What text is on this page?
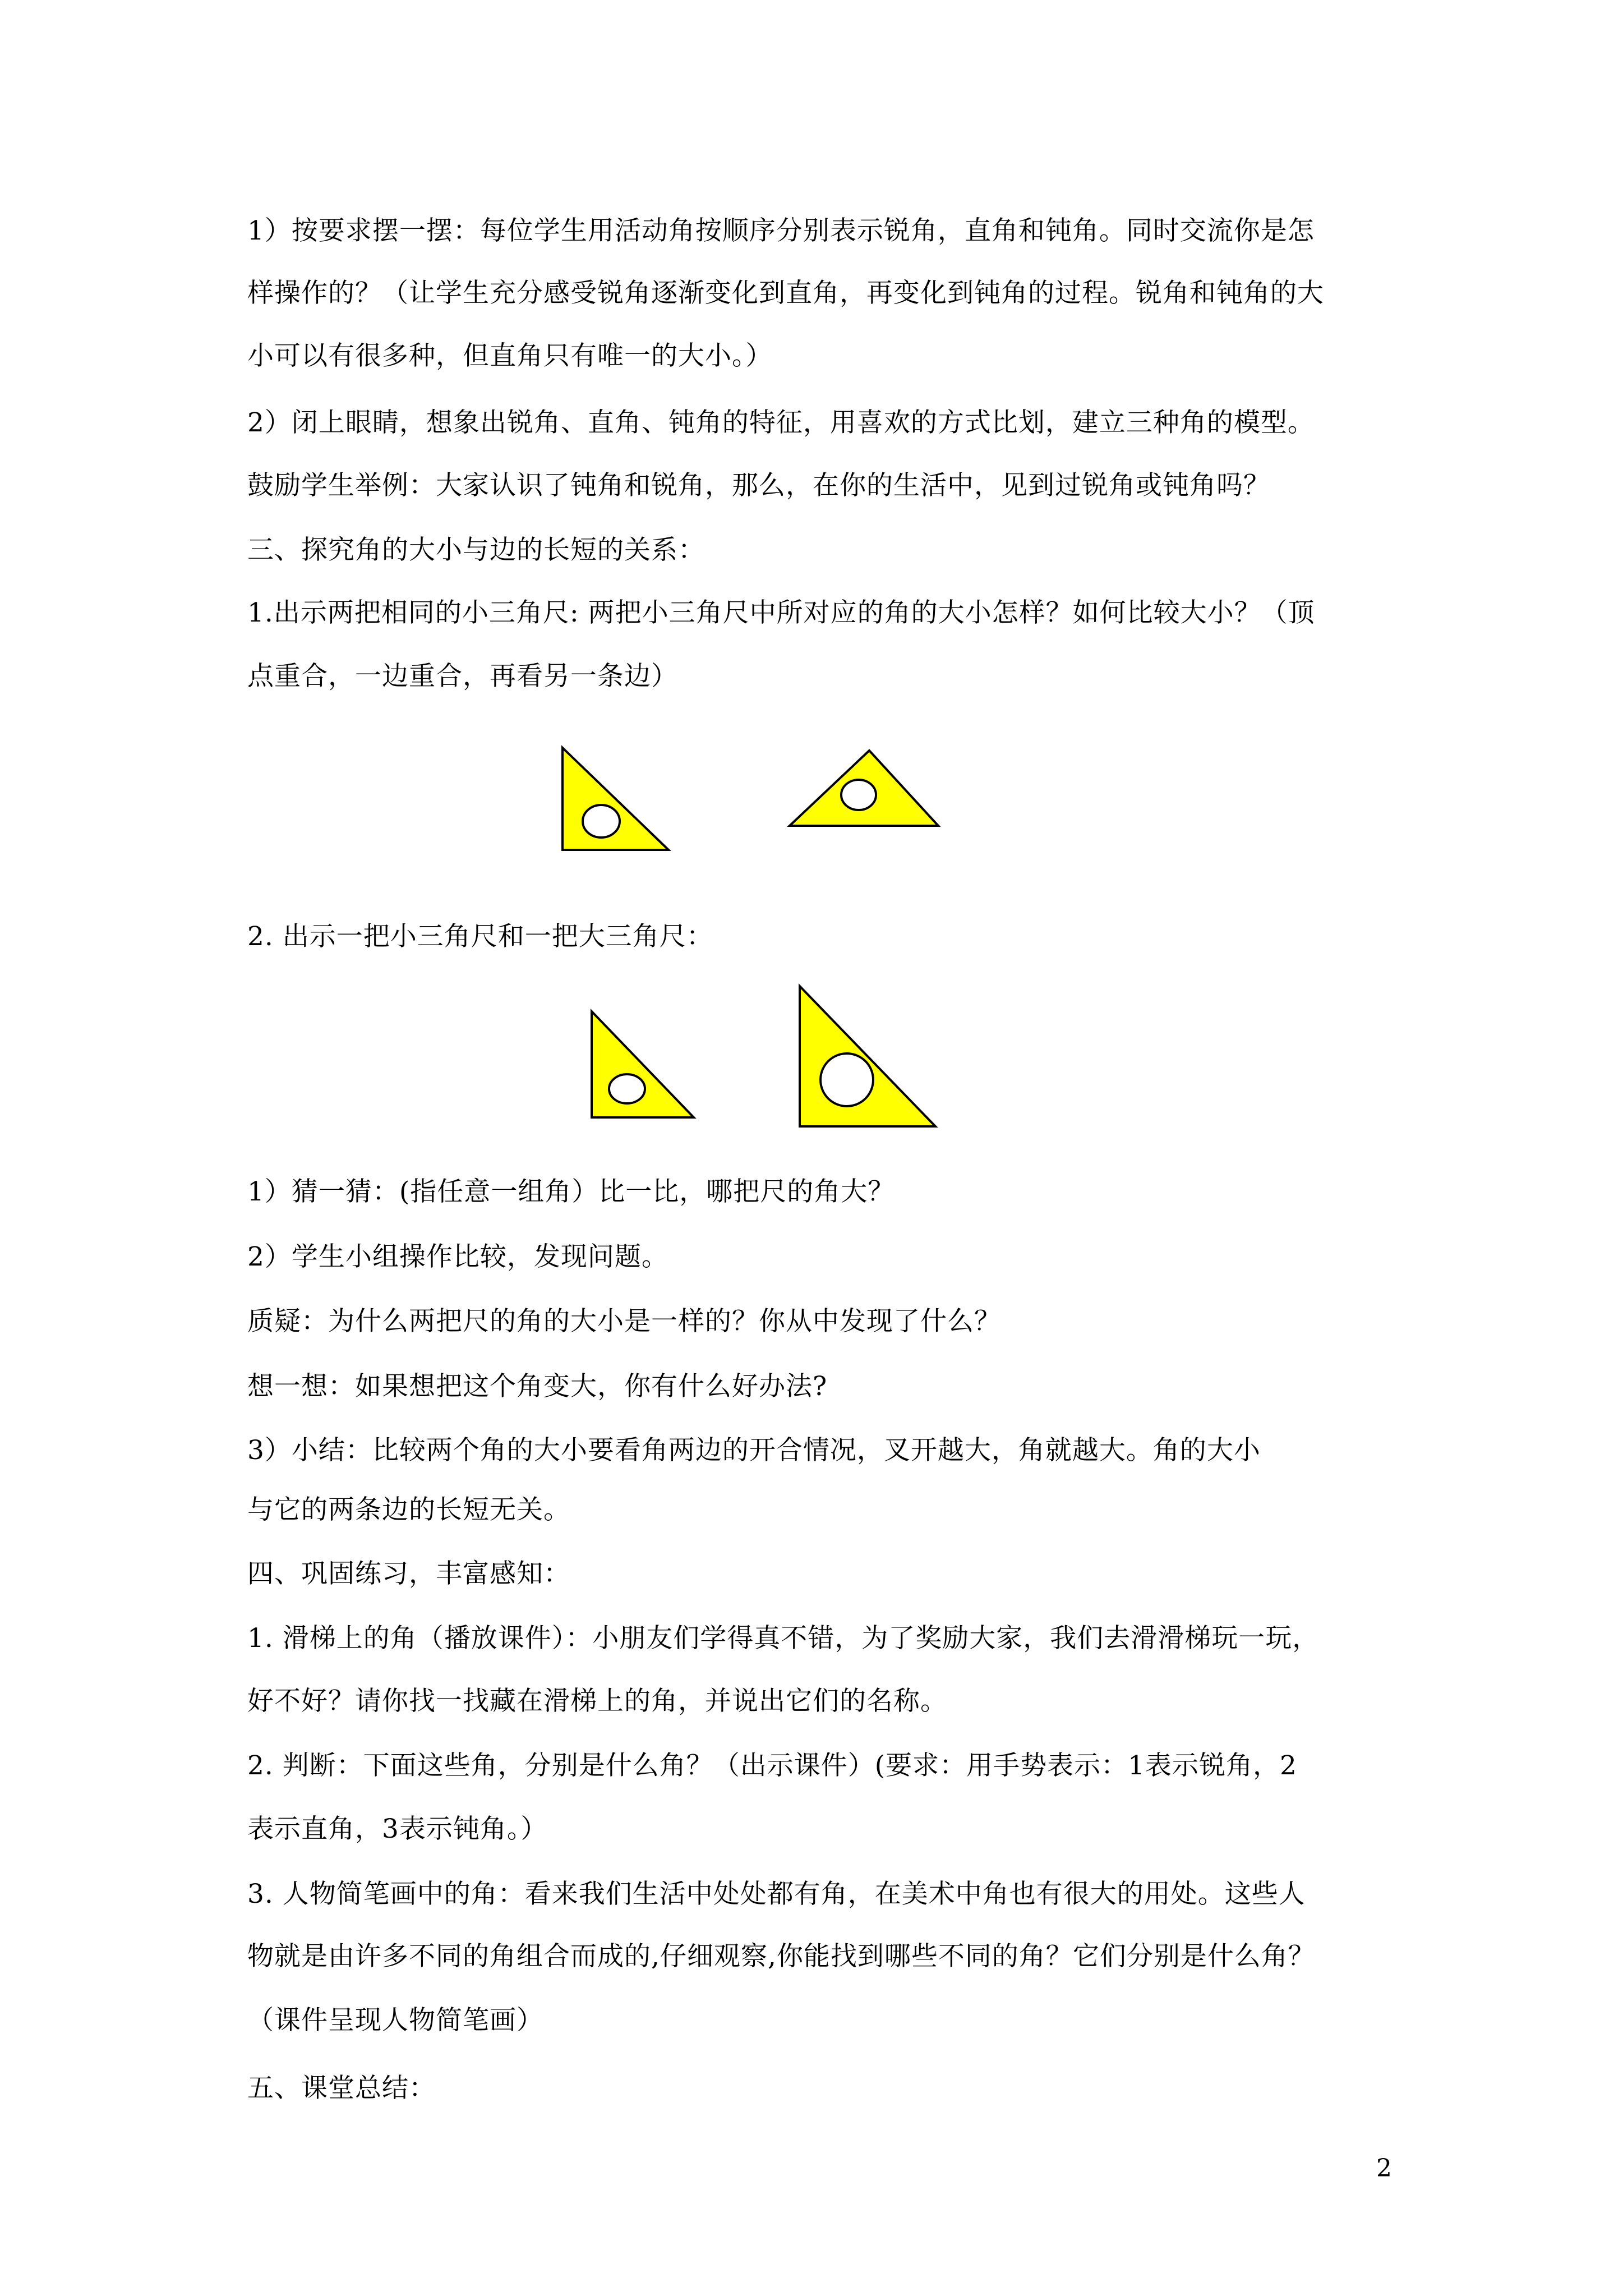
1）按要求摆一摆：每位学生用活动角按顺序分别表示锐角，直角和钝角。同时交流你是怎
样操作的？（让学生充分感受锐角逐渐变化到直角，再变化到钝角的过程。锐角和钝角的大
小可以有很多种，但直角只有唯一的大小。）
2）闭上眼睛，想象出锐角、直角、钝角的特征，用喜欢的方式比划，建立三种角的模型。
鼓励学生举例：大家认识了钝角和锐角，那么，在你的生活中，见到过锐角或钝角吗？
三、探究角的大小与边的长短的关系：
1.出示两把相同的小三角尺: 两把小三角尺中所对应的角的大小怎样？如何比较大小？（顶
点重合，一边重合，再看另一条边）
2. 出示一把小三角尺和一把大三角尺：
1）猜一猜：(指任意一组角）比一比，哪把尺的角大？
2）学生小组操作比较，发现问题。
质疑：为什么两把尺的角的大小是一样的？你从中发现了什么？
想一想：如果想把这个角变大，你有什么好办法?
3）小结：比较两个角的大小要看角两边的开合情况，叉开越大，角就越大。角的大小
与它的两条边的长短无关。
四、巩固练习，丰富感知：
1. 滑梯上的角（播放课件）：小朋友们学得真不错，为了奖励大家，我们去滑滑梯玩一玩，
好不好？请你找一找藏在滑梯上的角，并说出它们的名称。
2. 判断：下面这些角，分别是什么角？（出示课件）(要求：用手势表示：1表示锐角，2
表示直角，3表示钝角。）
3. 人物简笔画中的角：看来我们生活中处处都有角，在美术中角也有很大的用处。这些人
物就是由许多不同的角组合而成的,仔细观察,你能找到哪些不同的角？它们分别是什么角？
（课件呈现人物简笔画）
五、课堂总结：
2
